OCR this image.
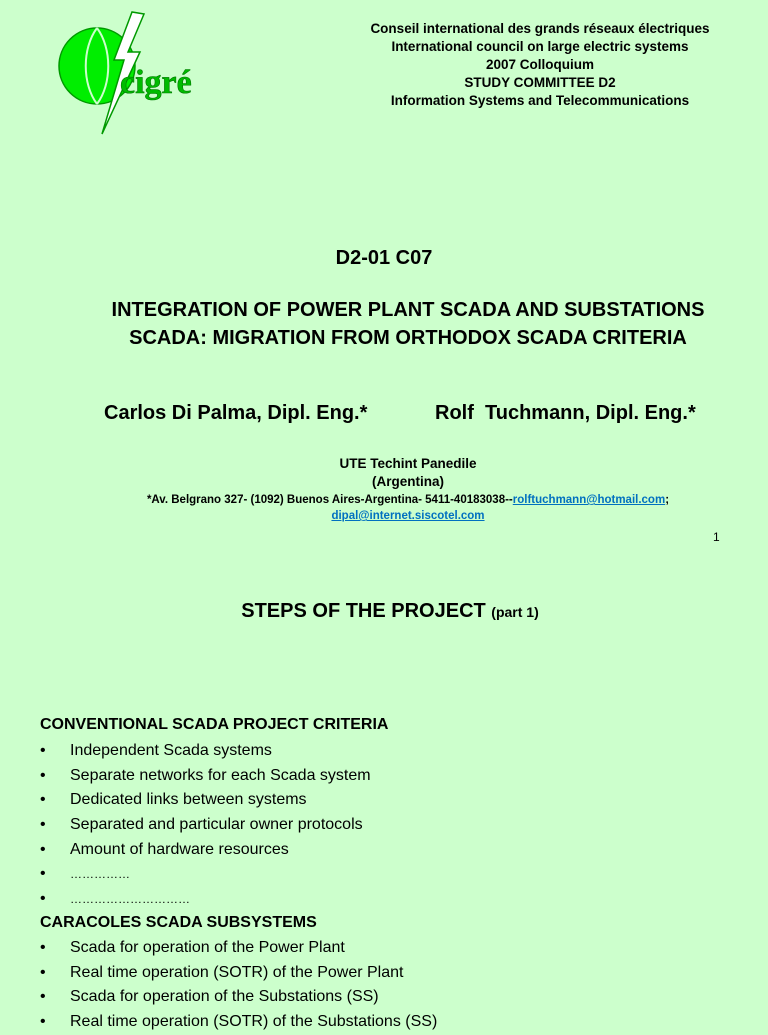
cigré
Conseil international des grands réseaux électriques
International council on large electric systems
2007 Colloquium
STUDY COMMITTEE D2
Information Systems and Telecommunications
D2-01 C07
INTEGRATION OF POWER PLANT SCADA AND SUBSTATIONS
SCADA: MIGRATION FROM ORTHODOX SCADA CRITERIA
Carlos Di Palma, Dipl. Eng.*	Rolf  Tuchmann, Dipl. Eng.*
UTE Techint Panedile
(Argentina)
*Av. Belgrano 327- (1092) Buenos Aires-Argentina- 5411-40183038--rolftuchmann@hotmail.com;
dipal@internet.siscotel.com
1
STEPS OF THE PROJECT (part 1)
CONVENTIONAL SCADA PROJECT CRITERIA
• Independent Scada systems
• Separate networks for each Scada system
• Dedicated links between systems
• Separated and particular owner protocols
• Amount of hardware resources
• ……………
• …………………………
CARACOLES SCADA SUBSYSTEMS
• Scada for operation of the Power Plant
• Real time operation (SOTR) of the Power Plant
• Scada for operation of the Substations (SS)
• Real time operation (SOTR) of the Substations (SS)
